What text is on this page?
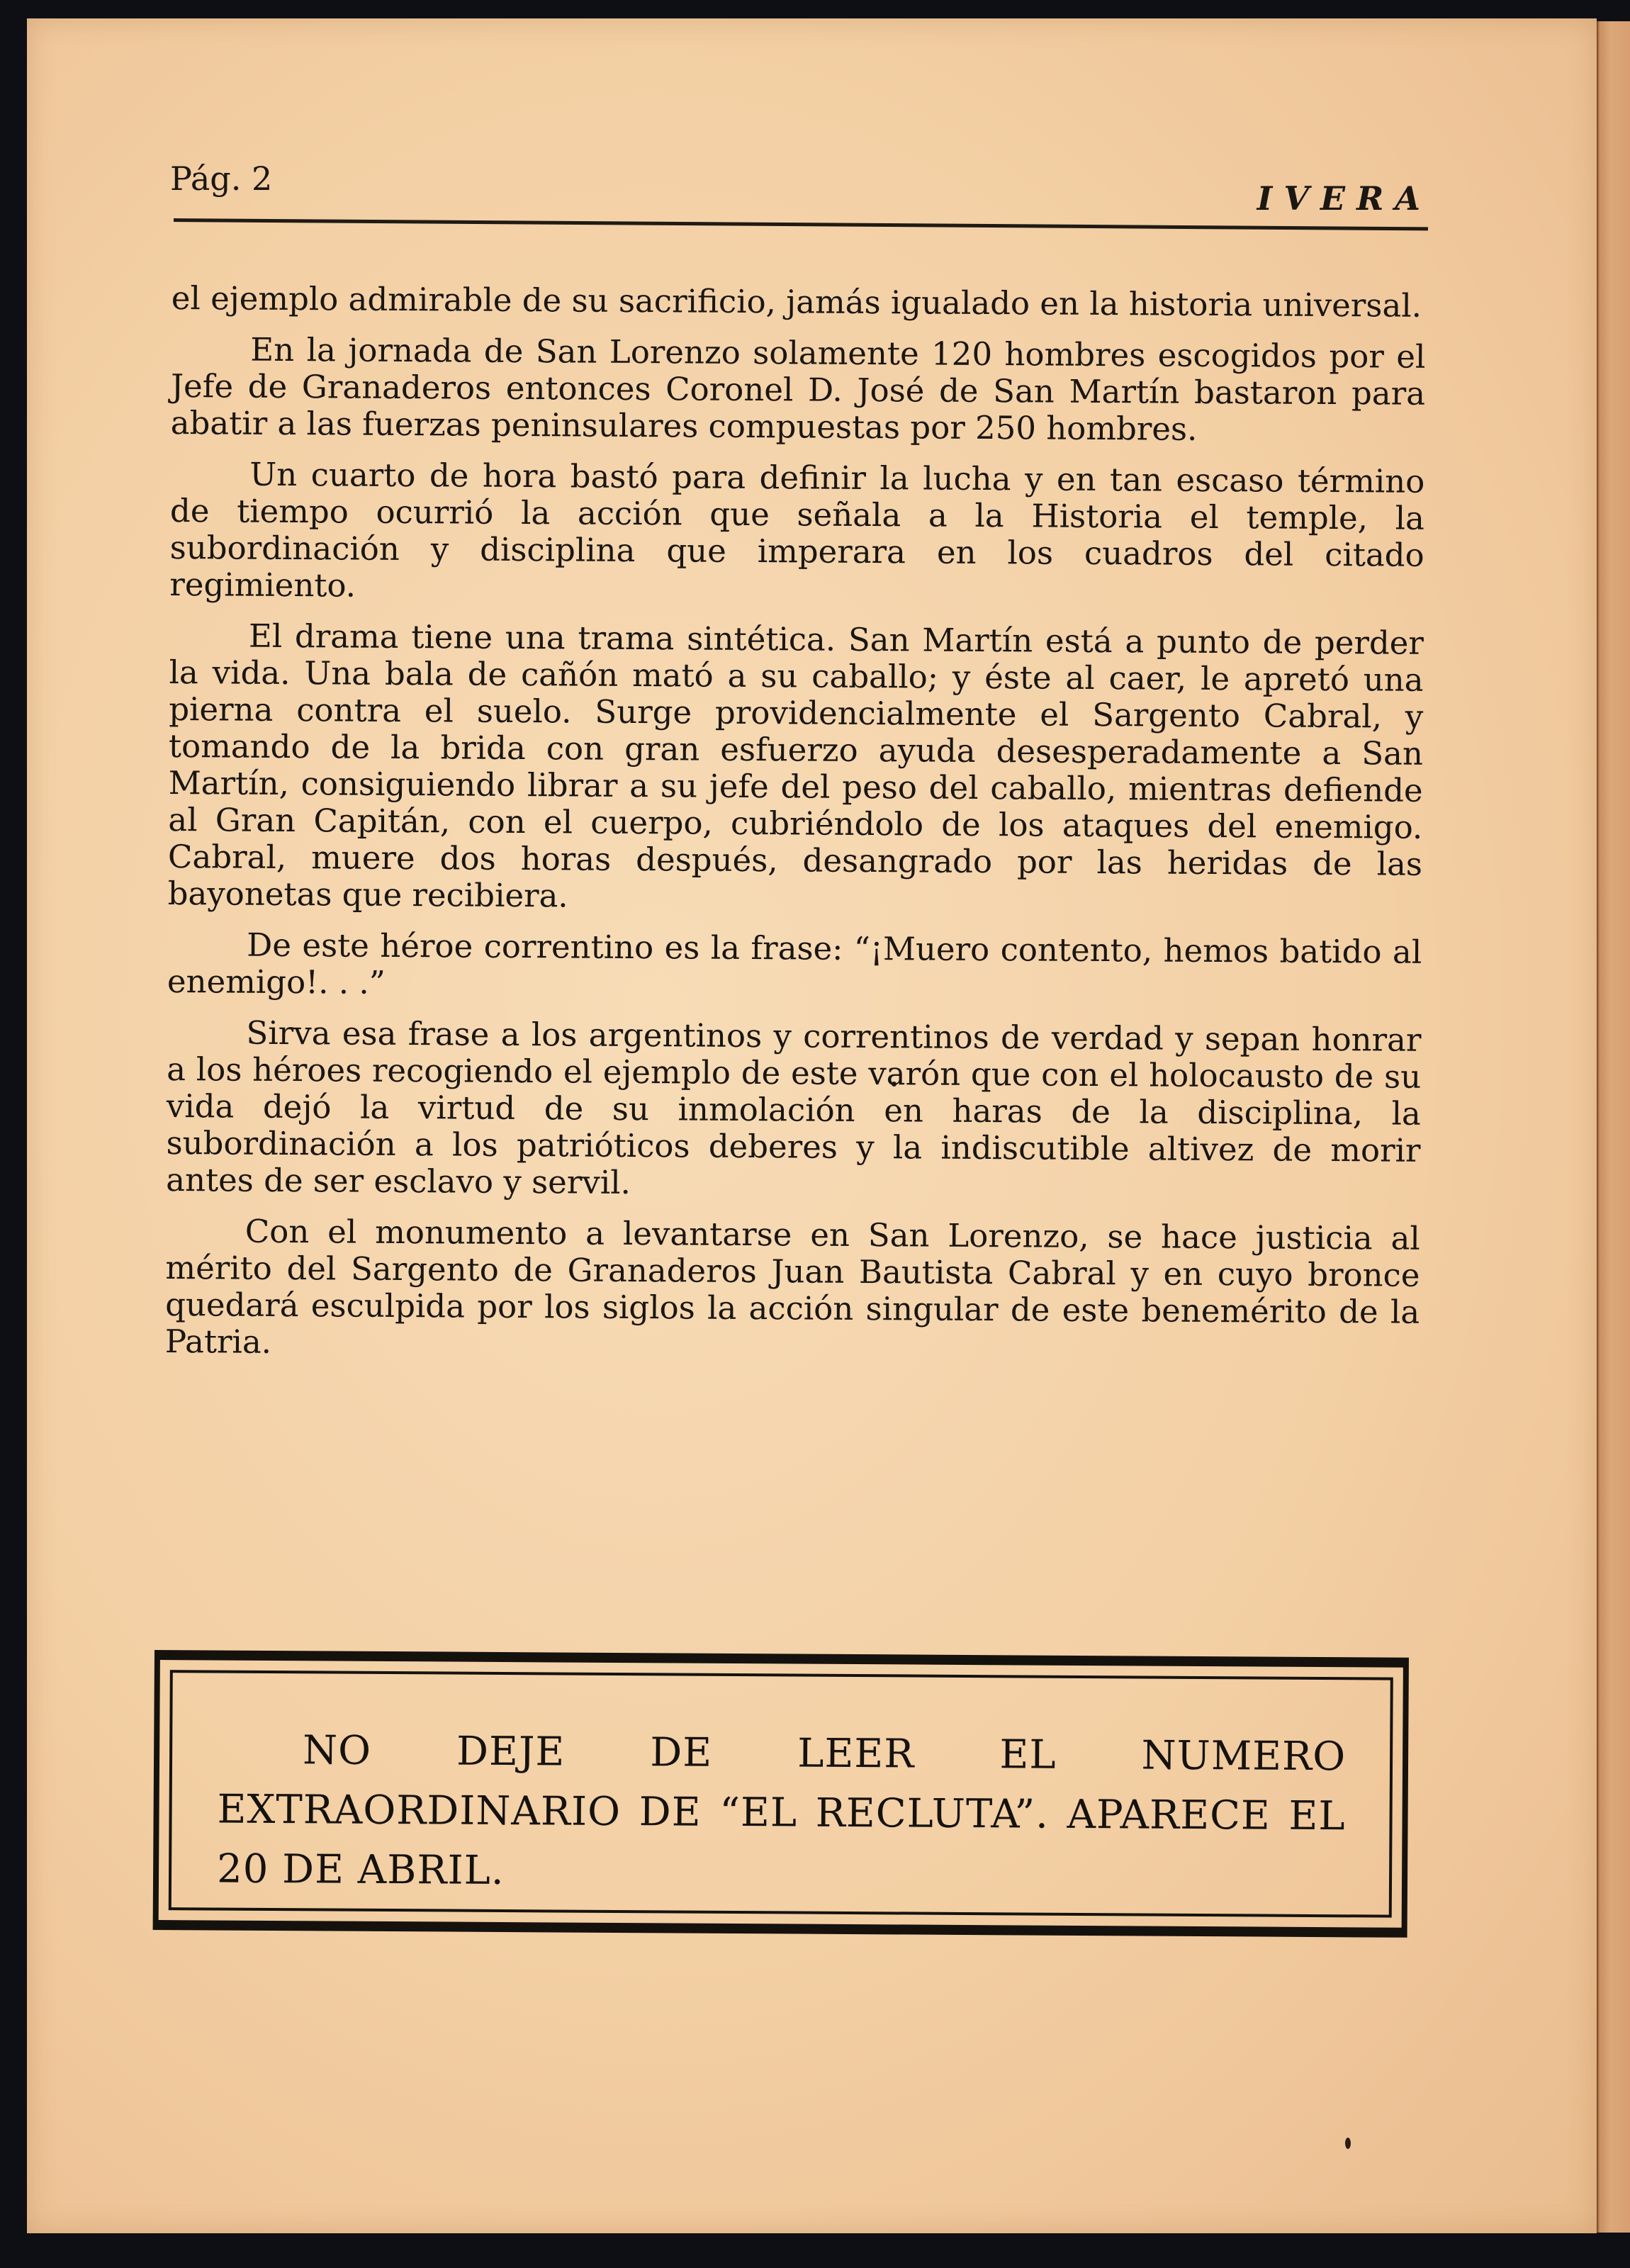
Pág. 2
IVERA

el ejemplo admirable de su sacrificio, jamás igualado en la historia universal.

En la jornada de San Lorenzo solamente 120 hombres escogidos por el Jefe de Granaderos entonces Coronel D. José de San Martín bastaron para abatir a las fuerzas peninsulares compuestas por 250 hombres.

Un cuarto de hora bastó para definir la lucha y en tan escaso término de tiempo ocurrió la acción que señala a la Historia el temple, la subordinación y disciplina que imperara en los cuadros del citado regimiento.

El drama tiene una trama sintética. San Martín está a punto de perder la vida. Una bala de cañón mató a su caballo; y éste al caer, le apretó una pierna contra el suelo. Surge providencialmente el Sargento Cabral, y tomando de la brida con gran esfuerzo ayuda desesperadamente a San Martín, consiguiendo librar a su jefe del peso del caballo, mientras defiende al Gran Capitán, con el cuerpo, cubriéndolo de los ataques del enemigo. Cabral, muere dos horas después, desangrado por las heridas de las bayonetas que recibiera.

De este héroe correntino es la frase: “¡Muero contento, hemos batido al enemigo!. . .”

Sirva esa frase a los argentinos y correntinos de verdad y sepan honrar a los héroes recogiendo el ejemplo de este varón que con el holocausto de su vida dejó la virtud de su inmolación en haras de la disciplina, la subordinación a los patrióticos deberes y la indiscutible altivez de morir antes de ser esclavo y servil.

Con el monumento a levantarse en San Lorenzo, se hace justicia al mérito del Sargento de Granaderos Juan Bautista Cabral y en cuyo bronce quedará esculpida por los siglos la acción singular de este benemérito de la Patria.

NO DEJE DE LEER EL NUMERO EXTRAORDINARIO DE “EL RECLUTA”. APARECE EL 20 DE ABRIL.
